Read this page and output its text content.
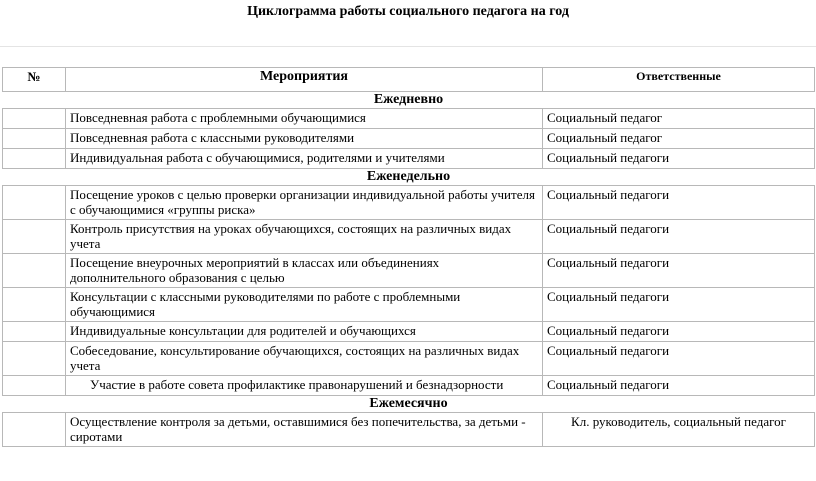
Циклограмма работы социального педагога на год
№	Мероприятия	Ответственные
Ежедневно		
	Повседневная работа с проблемными обучающимися	Социальный педагог
	Повседневная работа с классными руководителями	Социальный педагог
	Индивидуальная работа с обучающимися, родителями и учителями	Социальный педагоги
Еженедельно		
	Посещение уроков с целью проверки организации индивидуальной работы учителя с обучающимися «группы риска»	Социальный педагоги
	Контроль присутствия на уроках обучающихся, состоящих на различных видах учета	Социальный педагоги
	Посещение внеурочных мероприятий в классах или объединениях дополнительного образования с целью	Социальный педагоги
	Консультации с классными руководителями по работе с проблемными обучающимися	Социальный педагоги
	Индивидуальные консультации для родителей и обучающихся	Социальный педагоги
	Собеседование, консультирование обучающихся, состоящих на различных видах учета	Социальный педагоги
	Участие в работе совета профилактике правонарушений и безнадзорности	Социальный педагоги
Ежемесячно		
	Осуществление контроля за детьми, оставшимися без попечительства, за детьми - сиротами	Кл. руководитель, социальный педагог
